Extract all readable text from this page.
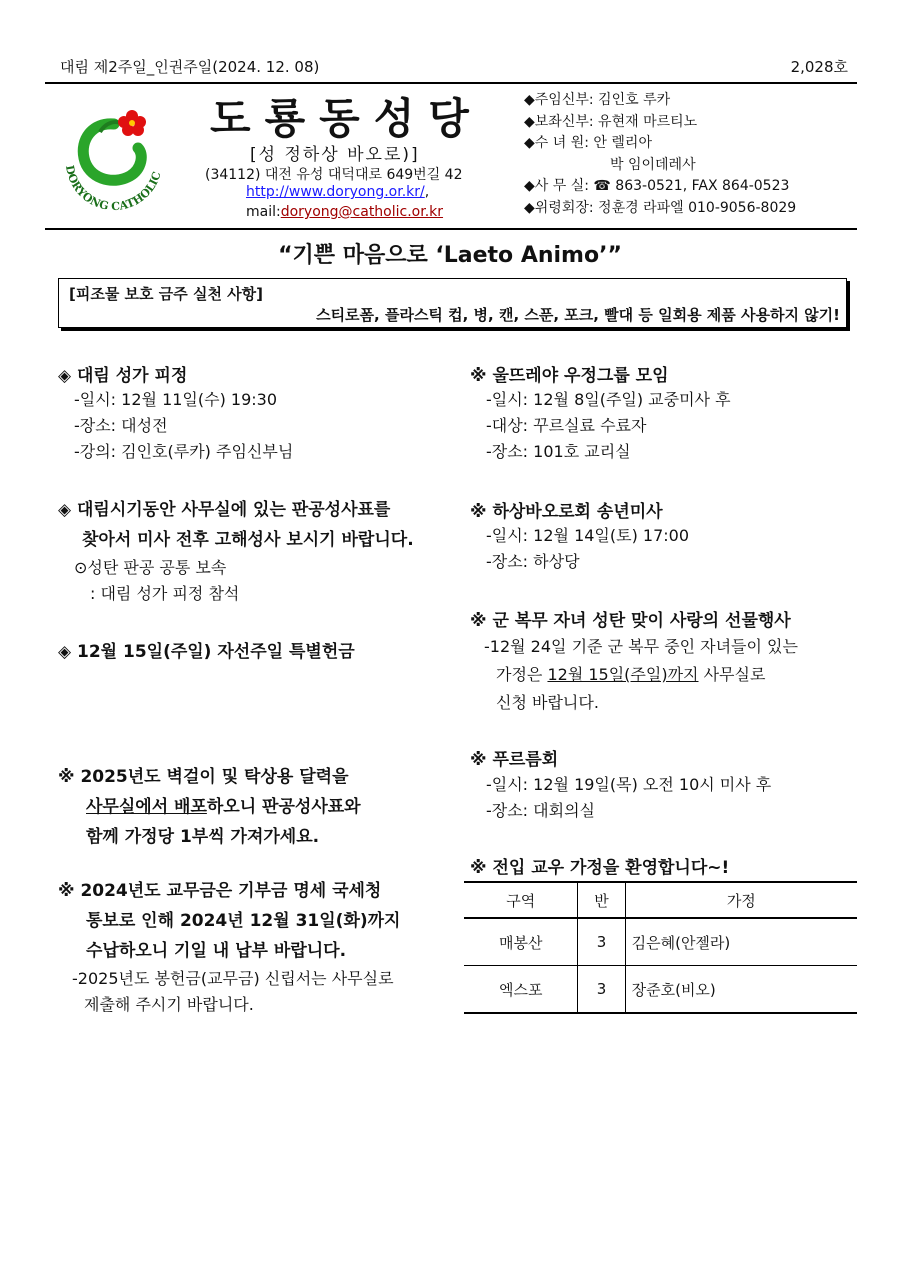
대림 제2주일_인권주일(2024. 12. 08)	2,028호
DORYONG CATHOLIC
도룡동성당
[성 정하상 바오로)]
(34112) 대전 유성 대덕대로 649번길 42
http://www.doryong.or.kr/,
mail:doryong@catholic.or.kr
◆주임신부: 김인호 루카
◆보좌신부: 유현재 마르티노
◆수 녀 원: 안 렐리아
박 임이데레사
◆사 무 실: ☎ 863-0521, FAX 864-0523
◆위령회장: 정훈경 라파엘 010-9056-8029
“기쁜 마음으로 ‘Laeto Animo’”
[피조물 보호 금주 실천 사항]
스티로폼, 플라스틱 컵, 병, 캔, 스푼, 포크, 빨대 등 일회용 제품 사용하지 않기!
◈ 대림 성가 피정
-일시: 12월 11일(수) 19:30
-장소: 대성전
-강의: 김인호(루카) 주임신부님
◈ 대림시기동안 사무실에 있는 판공성사표를
찾아서 미사 전후 고해성사 보시기 바랍니다.
⊙성탄 판공 공통 보속
: 대림 성가 피정 참석
◈ 12월 15일(주일) 자선주일 특별헌금
※ 2025년도 벽걸이 및 탁상용 달력을
사무실에서 배포하오니 판공성사표와
함께 가정당 1부씩 가져가세요.
※ 2024년도 교무금은 기부금 명세 국세청
통보로 인해 2024년 12월 31일(화)까지
수납하오니 기일 내 납부 바랍니다.
-2025년도 봉헌금(교무금) 신립서는 사무실로
제출해 주시기 바랍니다.
※ 울뜨레야 우정그룹 모임
-일시: 12월 8일(주일) 교중미사 후
-대상: 꾸르실료 수료자
-장소: 101호 교리실
※ 하상바오로회 송년미사
-일시: 12월 14일(토) 17:00
-장소: 하상당
※ 군 복무 자녀 성탄 맞이 사랑의 선물행사
-12월 24일 기준 군 복무 중인 자녀들이 있는
가정은 12월 15일(주일)까지 사무실로
신청 바랍니다.
※ 푸르름회
-일시: 12월 19일(목) 오전 10시 미사 후
-장소: 대회의실
※ 전입 교우 가정을 환영합니다~!
구역	반	가정
매봉산	3	김은혜(안젤라)
엑스포	3	장준호(비오)
